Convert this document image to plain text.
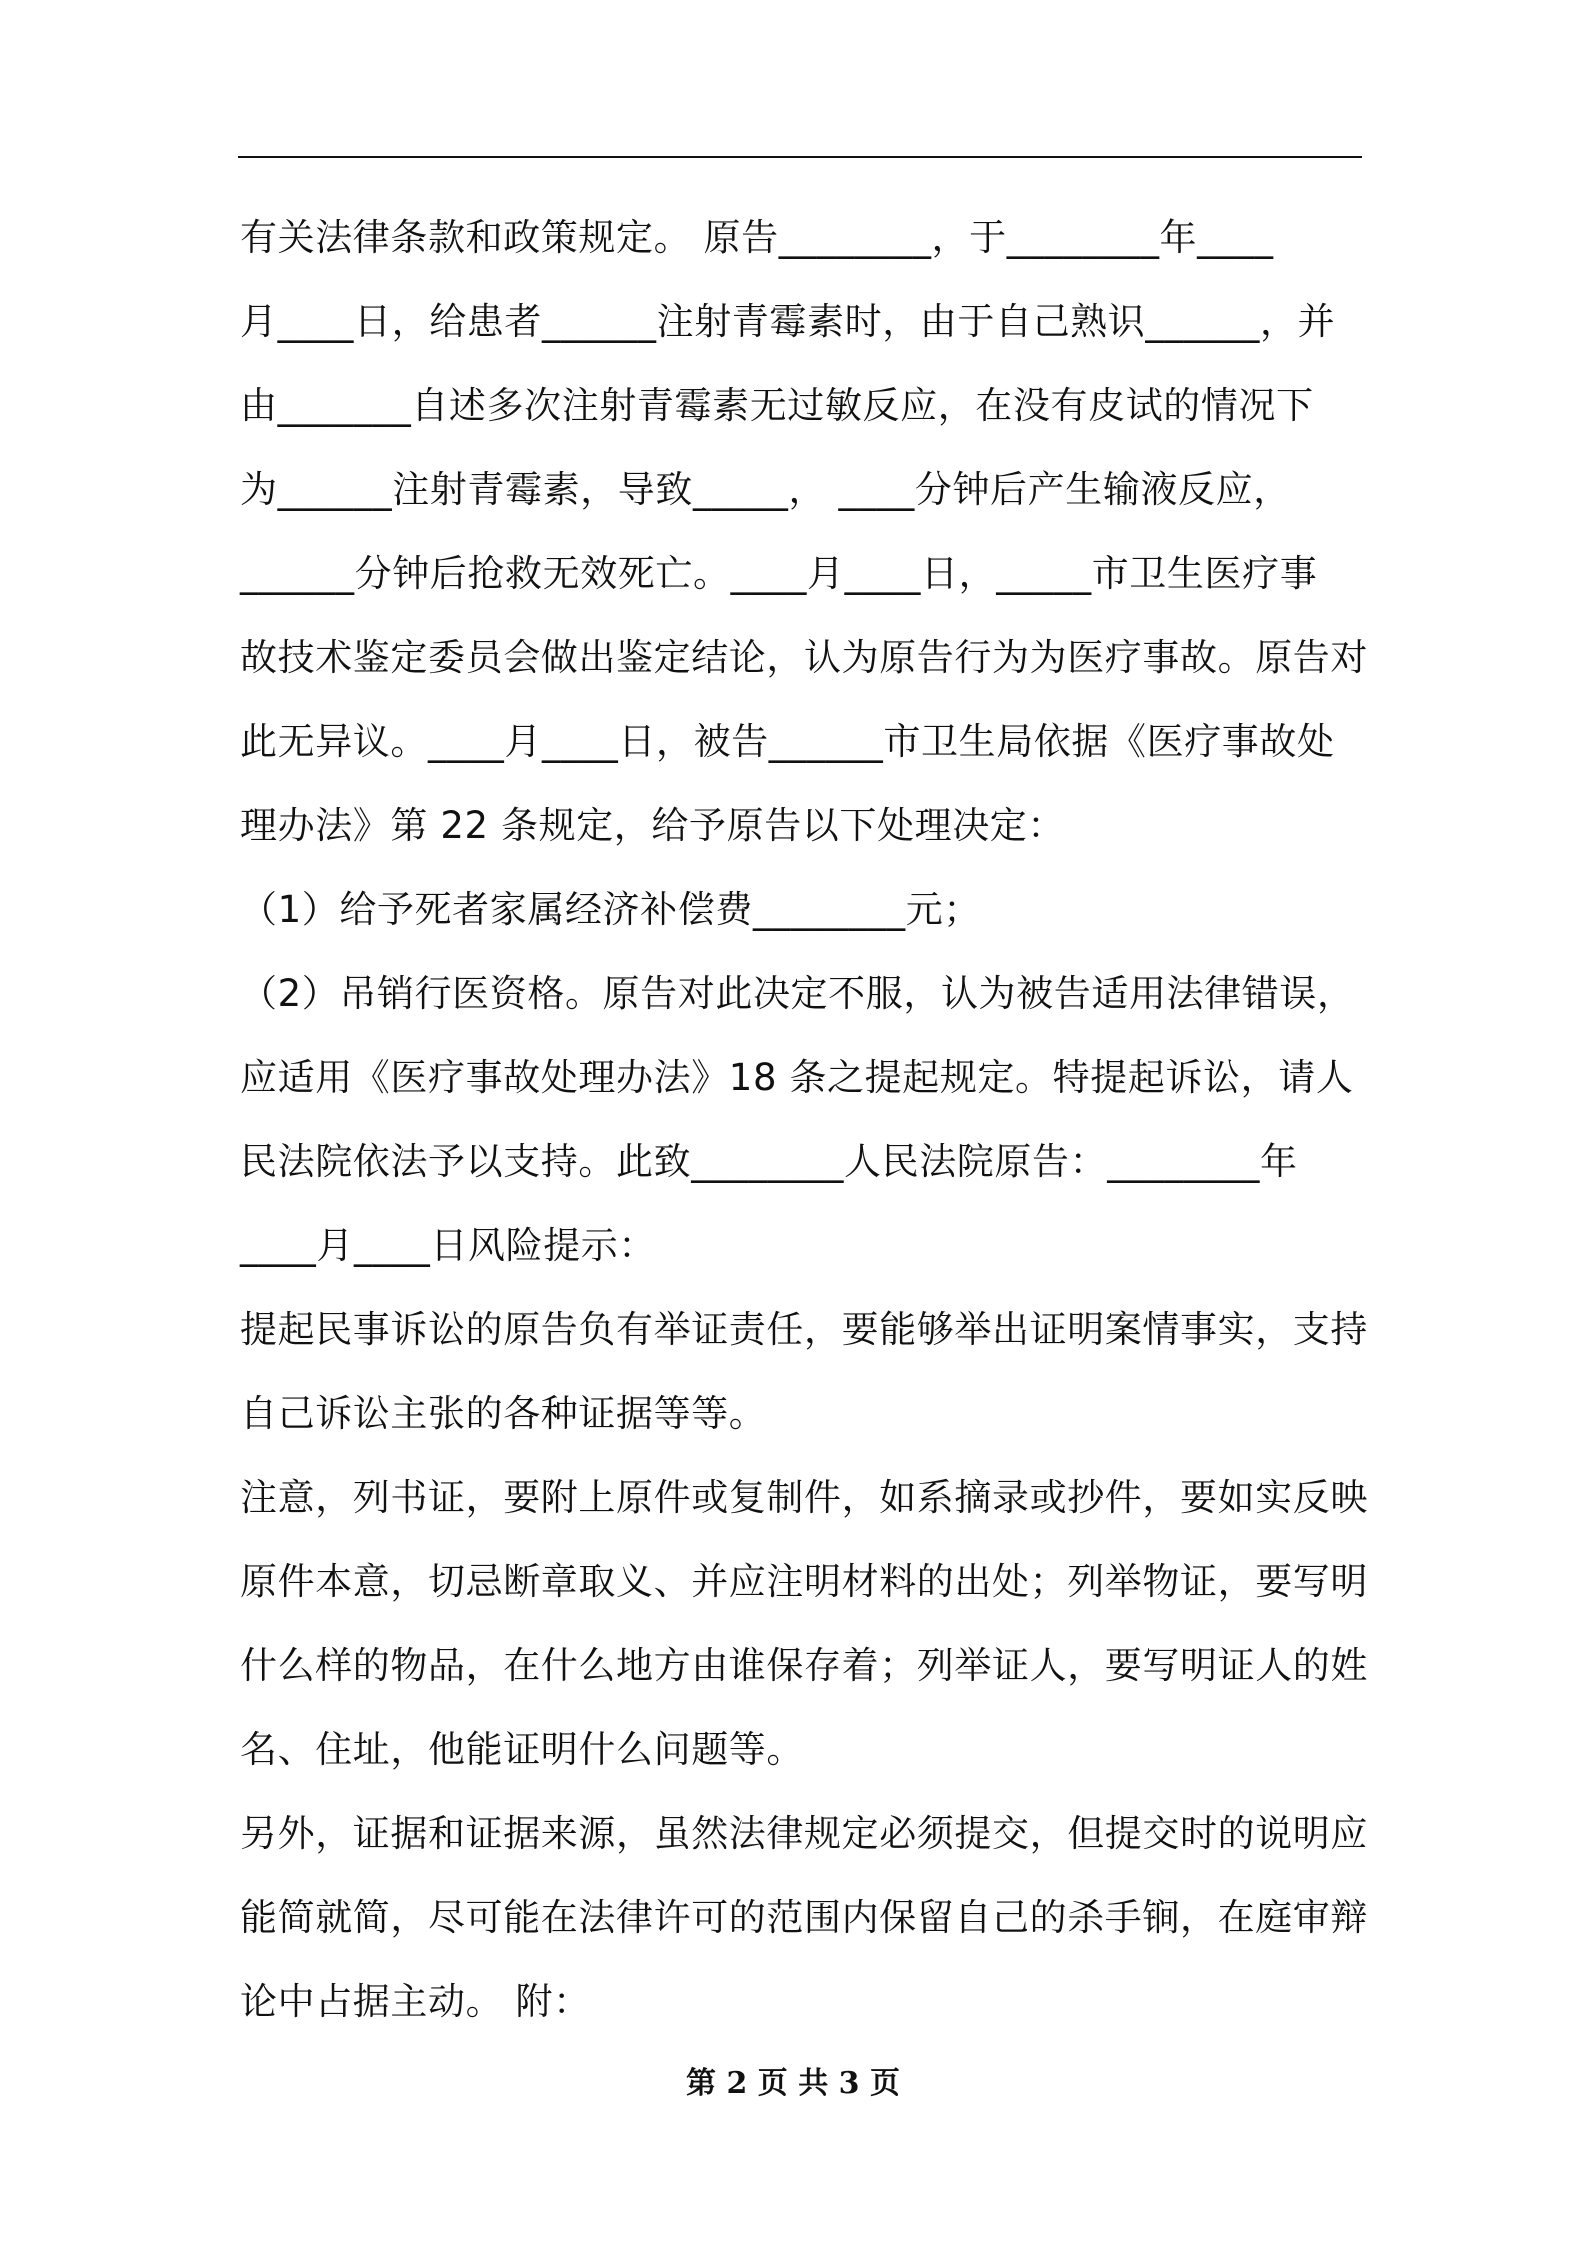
有关法律条款和政策规定。 原告________，于________年____

月____日，给患者______注射青霉素时，由于自己熟识______，并

由_______自述多次注射青霉素无过敏反应，在没有皮试的情况下

为______注射青霉素，导致_____， ____分钟后产生输液反应，

______分钟后抢救无效死亡。____月____日，_____市卫生医疗事

故技术鉴定委员会做出鉴定结论，认为原告行为为医疗事故。原告对

此无异议。____月____日，被告______市卫生局依据《医疗事故处

理办法》第 22 条规定，给予原告以下处理决定：

（1）给予死者家属经济补偿费________元；

（2）吊销行医资格。原告对此决定不服，认为被告适用法律错误，

应适用《医疗事故处理办法》18 条之提起规定。特提起诉讼，请人

民法院依法予以支持。此致________人民法院原告：________年

____月____日风险提示：

提起民事诉讼的原告负有举证责任，要能够举出证明案情事实，支持

自己诉讼主张的各种证据等等。

注意，列书证，要附上原件或复制件，如系摘录或抄件，要如实反映

原件本意，切忌断章取义、并应注明材料的出处；列举物证，要写明

什么样的物品，在什么地方由谁保存着；列举证人，要写明证人的姓

名、住址，他能证明什么问题等。

另外，证据和证据来源，虽然法律规定必须提交，但提交时的说明应

能简就简，尽可能在法律许可的范围内保留自己的杀手锏，在庭审辩

论中占据主动。 附：

第 2 页 共 3 页
